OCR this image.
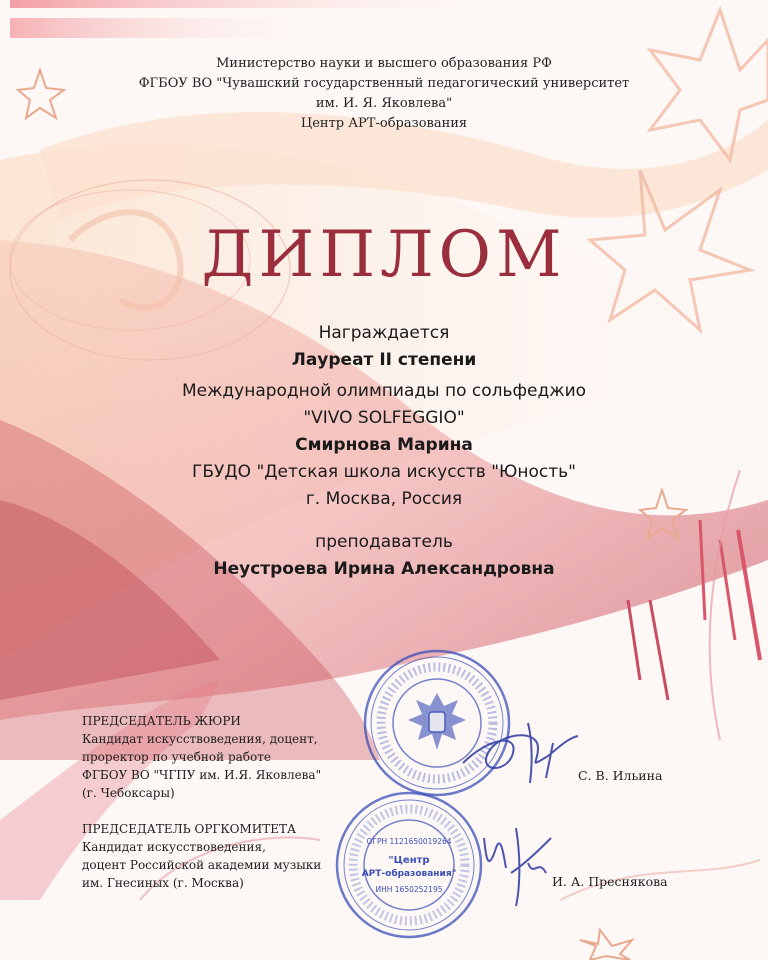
Министерство науки и высшего образования РФ
ФГБОУ ВО "Чувашский государственный педагогический университет
им. И. Я. Яковлева"
Центр АРТ-образования
ДИПЛОМ
Награждается
Лауреат II степени
Международной олимпиады по сольфеджио
"VIVO SOLFEGGIO"
Смирнова Марина
ГБУДО "Детская школа искусств "Юность"
г. Москва, Россия
преподаватель
Неустроева Ирина Александровна
ОГРН 1121650019264
"Центр
АРТ-образования"
ИНН 1650252195
ПРЕДСЕДАТЕЛЬ ЖЮРИ
Кандидат искусствоведения, доцент,
проректор по учебной работе
ФГБОУ ВО "ЧГПУ им. И.Я. Яковлева"
(г. Чебоксары)
С. В. Ильина
ПРЕДСЕДАТЕЛЬ ОРГКОМИТЕТА
Кандидат искусствоведения,
доцент Российской академии музыки
им. Гнесиных (г. Москва)	И. А. Преснякова
